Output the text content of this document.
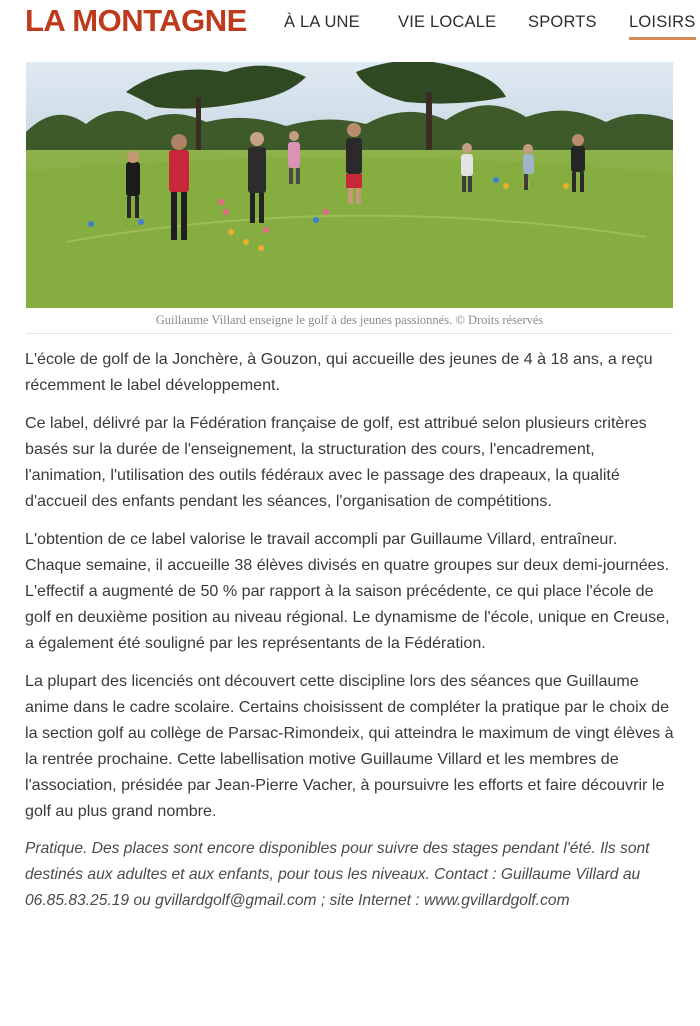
LA MONTAGNE À LA UNE VIE LOCALE SPORTS LOISIRS
Guillaume Villard enseigne le golf à des jeunes passionnés. © Droits réservés

L'école de golf de la Jonchère, à Gouzon, qui accueille des jeunes de 4 à 18 ans, a reçu récemment le label développement.

Ce label, délivré par la Fédération française de golf, est attribué selon plusieurs critères basés sur la durée de l'enseignement, la structuration des cours, l'encadrement, l'animation, l'utilisation des outils fédéraux avec le passage des drapeaux, la qualité d'accueil des enfants pendant les séances, l'organisation de compétitions.

L'obtention de ce label valorise le travail accompli par Guillaume Villard, entraîneur.

Chaque semaine, il accueille 38 élèves divisés en quatre groupes sur deux demi-journées. L'effectif a augmenté de 50 % par rapport à la saison précédente, ce qui place l'école de golf en deuxième position au niveau régional. Le dynamisme de l'école, unique en Creuse, a également été souligné par les représentants de la Fédération.

La plupart des licenciés ont découvert cette discipline lors des séances que Guillaume anime dans le cadre scolaire. Certains choisissent de compléter la pratique par le choix de la section golf au collège de Parsac-Rimondeix, qui atteindra le maximum de vingt élèves à la rentrée prochaine. Cette labellisation motive Guillaume Villard et les membres de l'association, présidée par Jean-Pierre Vacher, à poursuivre les efforts et faire découvrir le golf au plus grand nombre.

Pratique. Des places sont encore disponibles pour suivre des stages pendant l'été. Ils sont destinés aux adultes et aux enfants, pour tous les niveaux. Contact : Guillaume Villard au 06.85.83.25.19 ou gvillardgolf@gmail.com ; site Internet : www.gvillardgolf.com
